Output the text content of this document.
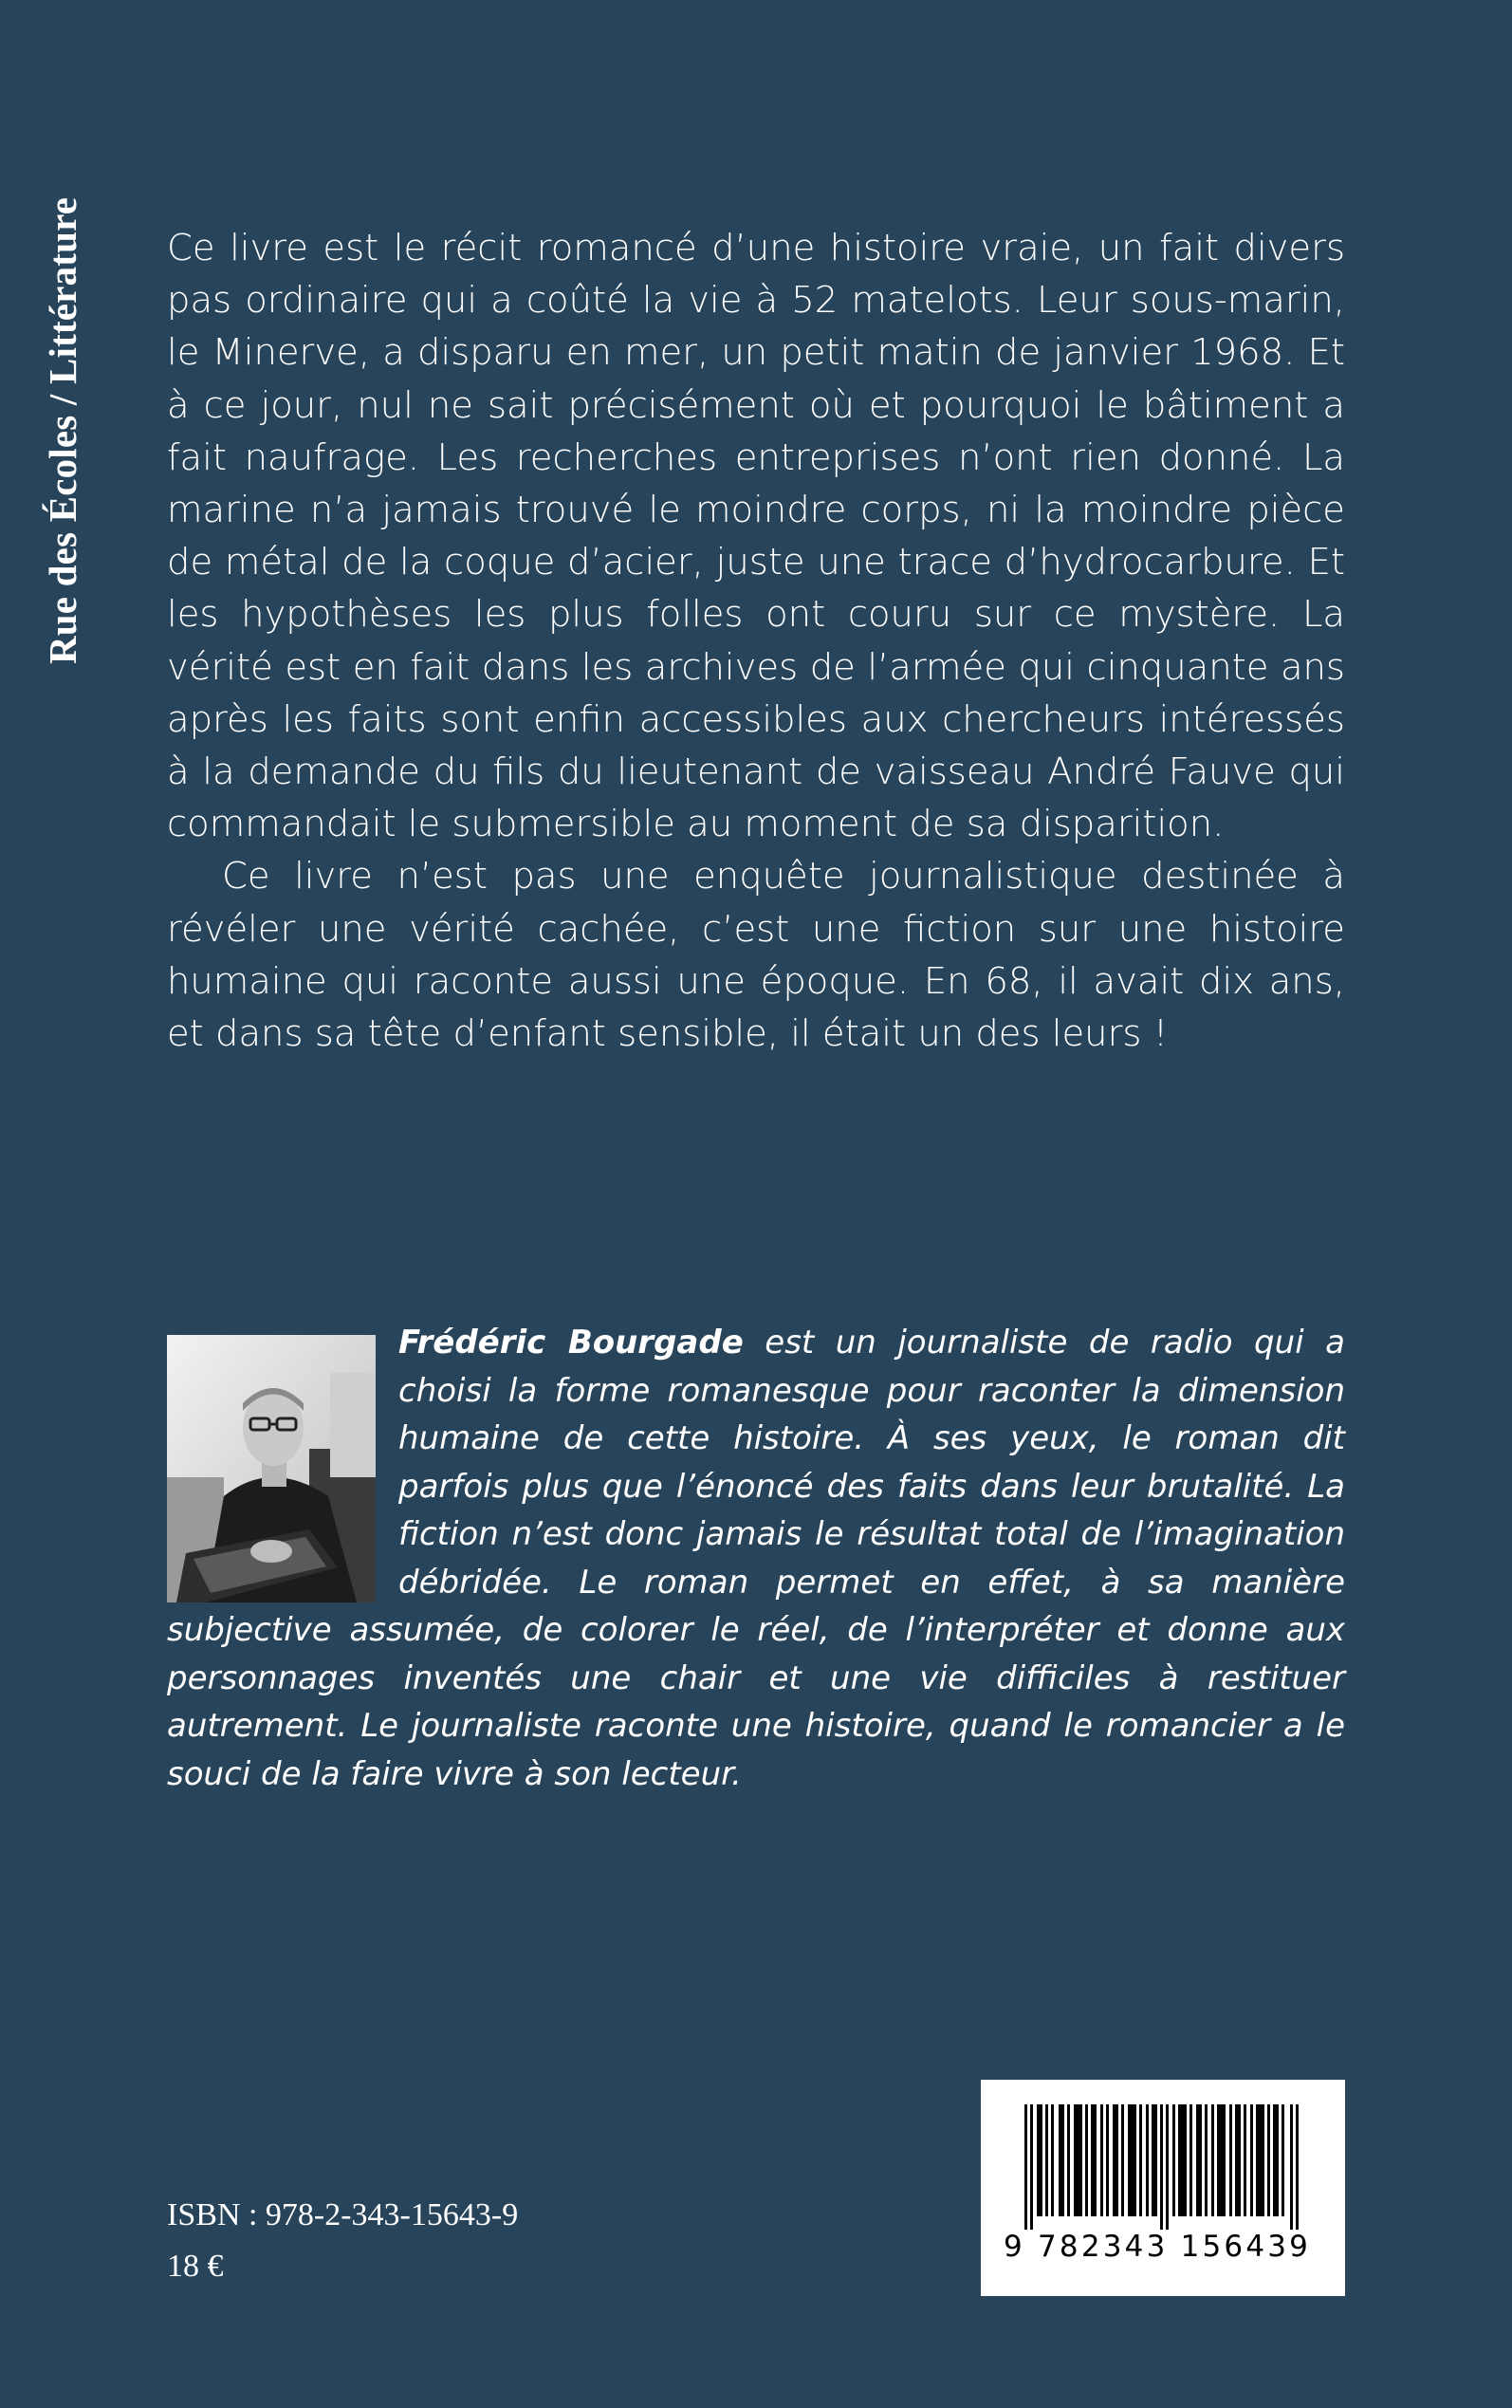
Rue des Écoles / Littérature Ce livre est le récit romancé d’une histoire vraie, un fait divers pas ordinaire qui a coûté la vie à 52 matelots. Leur sous-marin, le Minerve, a disparu en mer, un petit matin de janvier 1968. Et à ce jour, nul ne sait précisément où et pourquoi le bâtiment a fait naufrage. Les recherches entreprises n’ont rien donné. La marine n’a jamais trouvé le moindre corps, ni la moindre pièce de métal de la coque d’acier, juste une trace d’hydrocarbure. Et les hypothèses les plus folles ont couru sur ce mystère. La vérité est en fait dans les archives de l’armée qui cinquante ans après les faits sont enfin accessibles aux chercheurs intéressés à la demande du fils du lieutenant de vaisseau André Fauve qui commandait le submersible au moment de sa disparition.

Ce livre n’est pas une enquête journalistique destinée à révéler une vérité cachée, c’est une fiction sur une histoire humaine qui raconte aussi une époque. En 68, il avait dix ans, et dans sa tête d’enfant sensible, il était un des leurs !

Frédéric Bourgade est un journaliste de radio qui a choisi la forme romanesque pour raconter la dimension humaine de cette histoire. À ses yeux, le roman dit parfois plus que l’énoncé des faits dans leur brutalité. La fiction n’est donc jamais le résultat total de l’imagination débridée. Le roman permet en effet, à sa manière subjective assumée, de colorer le réel, de l’interpréter et donne aux personnages inventés une chair et une vie difficiles à restituer autrement. Le journaliste raconte une histoire, quand le romancier a le souci de la faire vivre à son lecteur.
ISBN : 978-2-343-15643-9
18 €
9 782343 156439
